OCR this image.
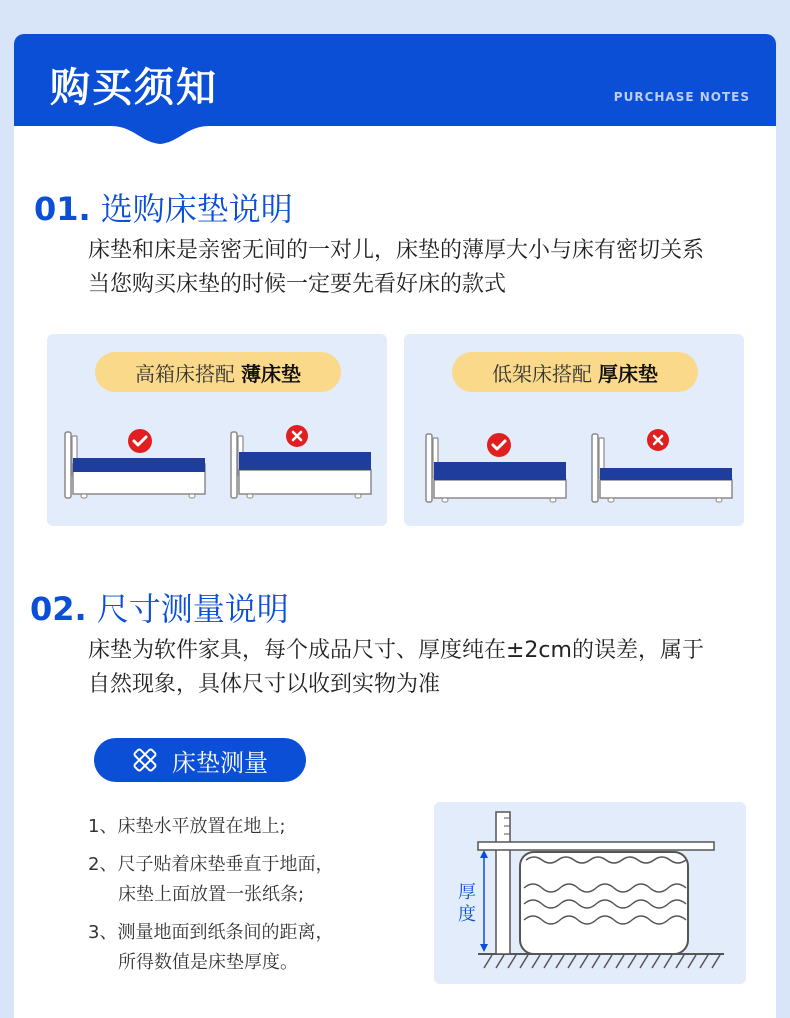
购买须知	PURCHASE NOTES
01. 选购床垫说明
床垫和床是亲密无间的一对儿，床垫的薄厚大小与床有密切关系
当您购买床垫的时候一定要先看好床的款式
高箱床搭配 薄床垫	低架床搭配 厚床垫
02. 尺寸测量说明
床垫为软件家具，每个成品尺寸、厚度纯在±2cm的误差，属于
自然现象，具体尺寸以收到实物为准
床垫测量
1、床垫水平放置在地上;
2、尺子贴着床垫垂直于地面，
床垫上面放置一张纸条;
3、测量地面到纸条间的距离，
所得数值是床垫厚度。
厚
度
